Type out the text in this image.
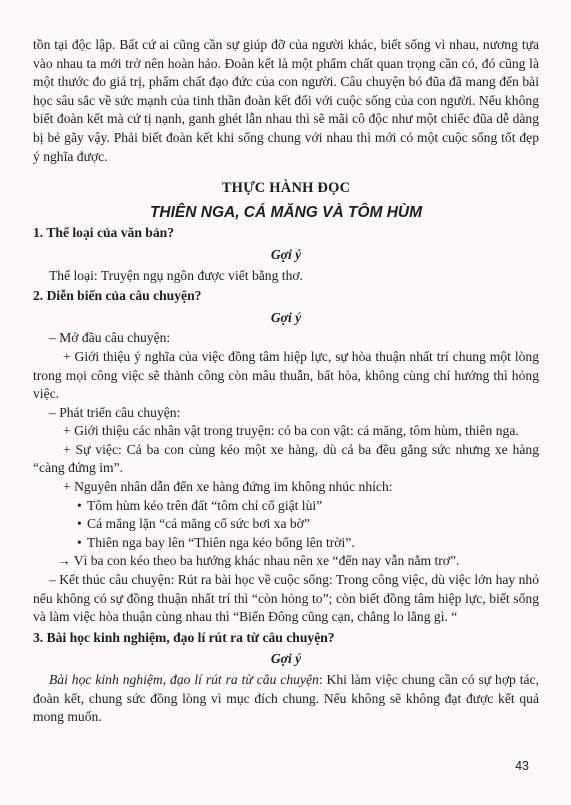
tồn tại độc lập. Bất cứ ai cũng cần sự giúp đỡ của người khác, biết sống vì nhau, nương tựa vào nhau ta mới trở nên hoàn hảo. Đoàn kết là một phẩm chất quan trọng cần có, đó cũng là một thước đo giá trị, phẩm chất đạo đức của con người. Câu chuyện bó đũa đã mang đến bài học sâu sắc về sức mạnh của tinh thần đoàn kết đối với cuộc sống của con người. Nếu không biết đoàn kết mà cứ tị nạnh, ganh ghét lẫn nhau thì sẽ mãi cô độc như một chiếc đũa dễ dàng bị bẻ gãy vậy. Phải biết đoàn kết khi sống chung với nhau thì mới có một cuộc sống tốt đẹp ý nghĩa được.

THỰC HÀNH ĐỌC

THIÊN NGA, CÁ MĂNG VÀ TÔM HÙM

1. Thể loại của văn bản?

Gợi ý

Thể loại: Truyện ngụ ngôn được viết bằng thơ.

2. Diễn biến của câu chuyện?

Gợi ý

– Mở đầu câu chuyện:

+ Giới thiệu ý nghĩa của việc đồng tâm hiệp lực, sự hòa thuận nhất trí chung một lòng trong mọi công việc sẽ thành công còn mâu thuẫn, bất hòa, không cùng chí hướng thì hỏng việc.

– Phát triển câu chuyện:

+ Giới thiệu các nhân vật trong truyện: có ba con vật: cá măng, tôm hùm, thiên nga.

+ Sự việc: Cả ba con cùng kéo một xe hàng, dù cả ba đều gắng sức nhưng xe hàng “càng đứng im”.

+ Nguyên nhân dẫn đến xe hàng đứng im không nhúc nhích:

• Tôm hùm kéo trên đất “tôm chỉ cố giật lùi”

• Cá măng lặn “cá măng cố sức bơi xa bờ”

• Thiên nga bay lên “Thiên nga kéo bổng lên trời”.

→ Vì ba con kéo theo ba hướng khác nhau nên xe “đến nay vẫn nằm trơ”.

– Kết thúc câu chuyện: Rút ra bài học về cuộc sống: Trong công việc, dù việc lớn hay nhỏ nếu không có sự đồng thuận nhất trí thì “còn hỏng to”; còn biết đồng tâm hiệp lực, biết sống và làm việc hòa thuận cùng nhau thì “Biển Đông cũng cạn, chẳng lo lằng gì. “

3. Bài học kinh nghiệm, đạo lí rút ra từ câu chuyện?

Gợi ý

Bài học kinh nghiệm, đạo lí rút ra từ câu chuyện: Khi làm việc chung cần có sự hợp tác, đoàn kết, chung sức đồng lòng vì mục đích chung. Nếu không sẽ không đạt được kết quả mong muốn.

43
